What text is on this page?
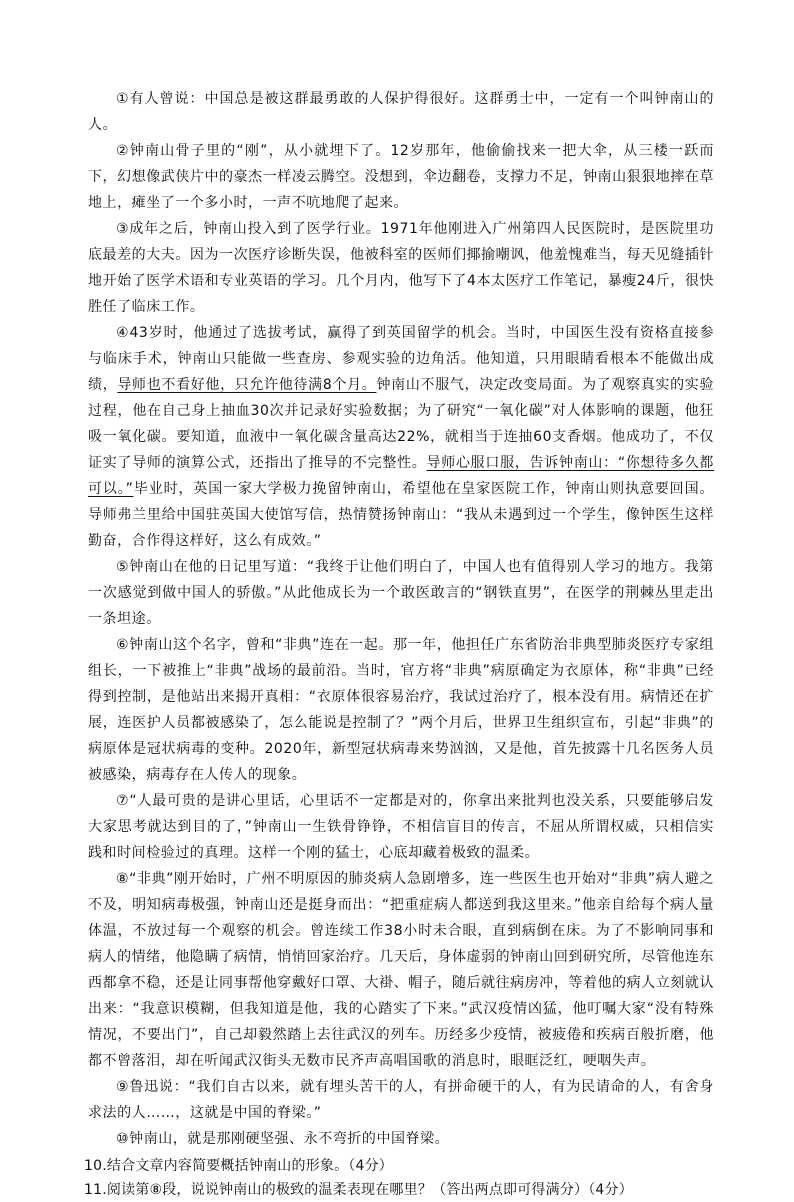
①有人曾说：中国总是被这群最勇敢的人保护得很好。这群勇士中，一定有一个叫钟南山的人。

②钟南山骨子里的“刚”，从小就埋下了。12岁那年，他偷偷找来一把大伞，从三楼一跃而下，幻想像武侠片中的豪杰一样凌云腾空。没想到，伞边翻卷，支撑力不足，钟南山狠狠地摔在草地上，瘫坐了一个多小时，一声不吭地爬了起来。

③成年之后，钟南山投入到了医学行业。1971年他刚进入广州第四人民医院时，是医院里功底最差的大夫。因为一次医疗诊断失误，他被科室的医师们揶揄嘲讽，他羞愧难当，每天见缝插针地开始了医学术语和专业英语的学习。几个月内，他写下了4本太医疗工作笔记，暴瘦24斤，很快胜任了临床工作。

④43岁时，他通过了选拔考试，赢得了到英国留学的机会。当时，中国医生没有资格直接参与临床手术，钟南山只能做一些查房、参观实验的边角活。他知道，只用眼睛看根本不能做出成绩，导师也不看好他，只允许他待满8个月。钟南山不服气，决定改变局面。为了观察真实的实验过程，他在自己身上抽血30次并记录好实验数据；为了研究“一氧化碳”对人体影响的课题，他狂吸一氧化碳。要知道，血液中一氧化碳含量高达22%，就相当于连抽60支香烟。他成功了，不仅证实了导师的演算公式，还指出了推导的不完整性。导师心服口服，告诉钟南山：“你想待多久都可以。”毕业时，英国一家大学极力挽留钟南山，希望他在皇家医院工作，钟南山则执意要回国。导师弗兰里给中国驻英国大使馆写信，热情赞扬钟南山：“我从未遇到过一个学生，像钟医生这样勤奋，合作得这样好，这么有成效。”

⑤钟南山在他的日记里写道：“我终于让他们明白了，中国人也有值得别人学习的地方。我第一次感觉到做中国人的骄傲。”从此他成长为一个敢医敢言的“钢铁直男”，在医学的荆棘丛里走出一条坦途。

⑥钟南山这个名字，曾和“非典”连在一起。那一年，他担任广东省防治非典型肺炎医疗专家组组长，一下被推上“非典”战场的最前沿。当时，官方将“非典”病原确定为衣原体，称“非典”已经得到控制，是他站出来揭开真相：“衣原体很容易治疗，我试过治疗了，根本没有用。病情还在扩展，连医护人员都被感染了，怎么能说是控制了？”两个月后，世界卫生组织宣布，引起“非典”的病原体是冠状病毒的变种。2020年，新型冠状病毒来势汹汹，又是他，首先披露十几名医务人员被感染，病毒存在人传人的现象。

⑦“人最可贵的是讲心里话，心里话不一定都是对的，你拿出来批判也没关系，只要能够启发大家思考就达到目的了，”钟南山一生铁骨铮铮，不相信盲目的传言，不屈从所谓权威，只相信实践和时间检验过的真理。这样一个刚的猛士，心底却藏着极致的温柔。

⑧“非典”刚开始时，广州不明原因的肺炎病人急剧增多，连一些医生也开始对“非典”病人避之不及，明知病毒极强，钟南山还是挺身而出：“把重症病人都送到我这里来。”他亲自给每个病人量体温，不放过每一个观察的机会。曾连续工作38小时未合眼，直到病倒在床。为了不影响同事和病人的情绪，他隐瞒了病情，悄悄回家治疗。几天后，身体虚弱的钟南山回到研究所，尽管他连东西都拿不稳，还是让同事帮他穿戴好口罩、大褂、帽子，随后就往病房冲，等着他的病人立刻就认出来：“我意识模糊，但我知道是他，我的心踏实了下来。”武汉疫情凶猛，他叮嘱大家“没有特殊情况，不要出门”，自己却毅然踏上去往武汉的列车。历经多少疫情，被疲倦和疾病百般折磨，他都不曾落泪，却在听闻武汉街头无数市民齐声高唱国歌的消息时，眼眶泛红，哽咽失声。

⑨鲁迅说：“我们自古以来，就有埋头苦干的人，有拼命硬干的人，有为民请命的人，有舍身求法的人……，这就是中国的脊梁。”

⑩钟南山，就是那刚硬坚强、永不弯折的中国脊梁。

10.结合文章内容简要概括钟南山的形象。（4分）

11.阅读第⑧段，说说钟南山的极致的温柔表现在哪里？（答出两点即可得满分）（4分）
